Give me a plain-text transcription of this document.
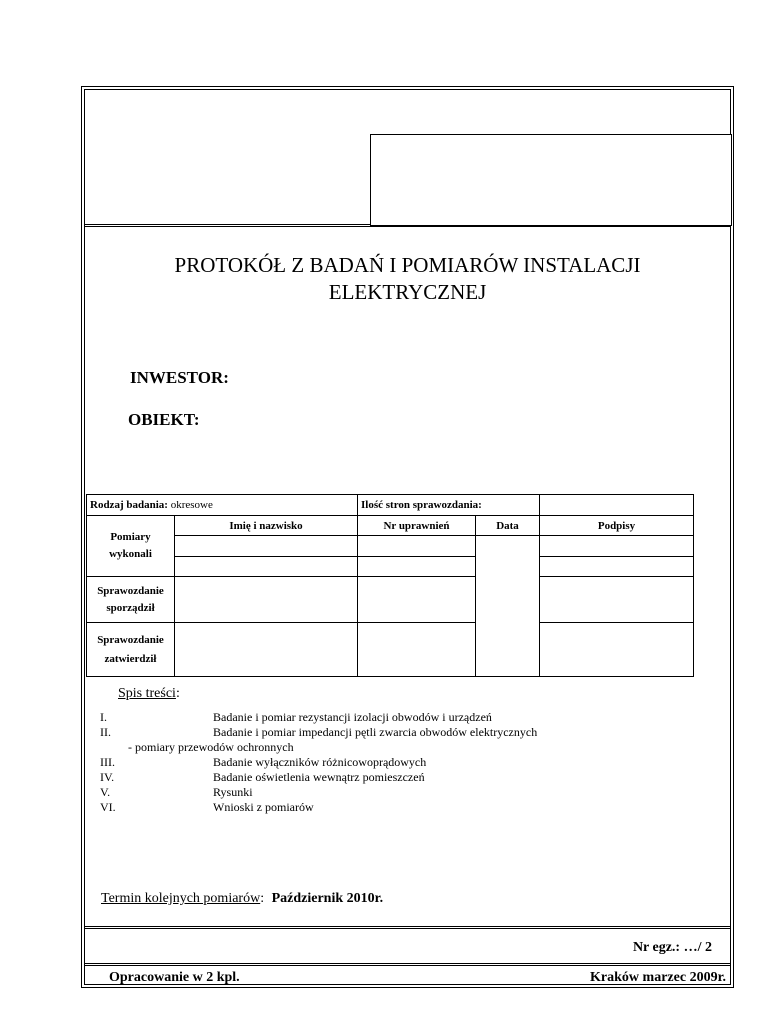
PROTOKÓŁ Z BADAŃ I POMIARÓW INSTALACJI
ELEKTRYCZNEJ
INWESTOR:
OBIEKT:
Rodzaj badania: okresowe		Ilość stron sprawozdania:		

Pomiary
wykonali	Imię i nazwisko	Nr uprawnień	Data	Podpisy

Sprawozdanie
sporządził				

Sprawozdanie
zatwierdził				

Spis treści:
I.	Badanie i pomiar rezystancji izolacji obwodów i urządzeń
II.	Badanie i pomiar impedancji pętli zwarcia obwodów elektrycznych
- pomiary przewodów ochronnych
III.	Badanie wyłączników różnicowoprądowych
IV.	Badanie oświetlenia wewnątrz pomieszczeń
V.	Rysunki
VI.	Wnioski z pomiarów
Termin kolejnych pomiarów: Październik 2010r.
Nr egz.: …/ 2
Opracowanie w 2 kpl.	Kraków marzec 2009r.
